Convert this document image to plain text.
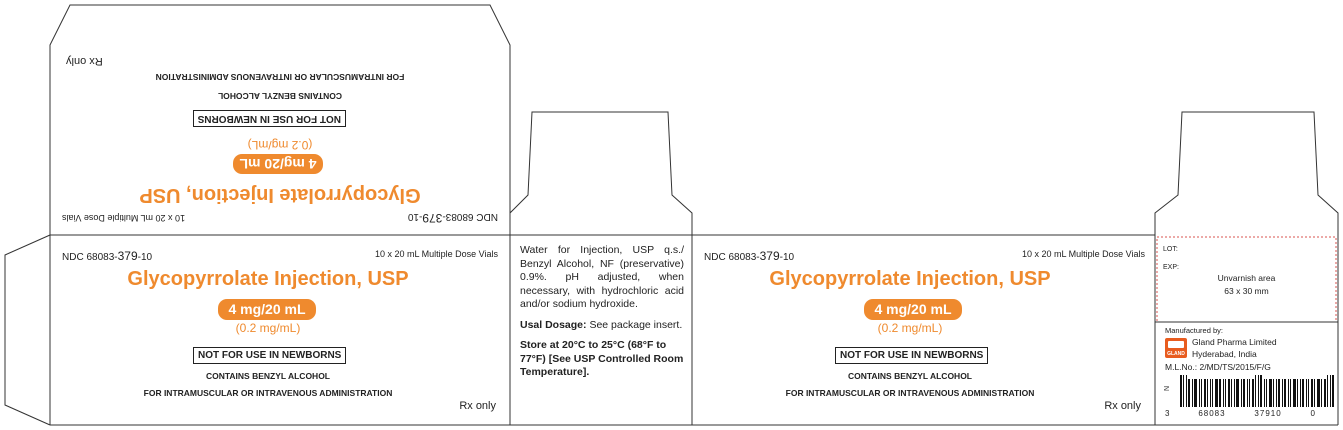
NDC 68083-379-10
10 x 20 mL Multiple Dose Vials
Glycopyrrolate Injection, USP
4 mg/20 mL
(0.2 mg/mL)
NOT FOR USE IN NEWBORNS
CONTAINS BENZYL ALCOHOL
FOR INTRAMUSCULAR OR INTRAVENOUS ADMINISTRATION
Rx only
NDC 68083-379-10	10 x 20 mL Multiple Dose Vials
Glycopyrrolate Injection, USP
4 mg/20 mL
(0.2 mg/mL)
NOT FOR USE IN NEWBORNS
CONTAINS BENZYL ALCOHOL
FOR INTRAMUSCULAR OR INTRAVENOUS ADMINISTRATION
Rx only

Water for Injection, USP q.s./ Benzyl Alcohol, NF (preservative) 0.9%. pH adjusted, when necessary, with hydrochloric acid and/or sodium hydroxide.

Usal Dosage: See package insert.

Store at 20°C to 25°C (68°F to 77°F) [See USP Controlled Room Temperature].

NDC 68083-379-10	10 x 20 mL Multiple Dose Vials
Glycopyrrolate Injection, USP
4 mg/20 mL
(0.2 mg/mL)
NOT FOR USE IN NEWBORNS
CONTAINS BENZYL ALCOHOL
FOR INTRAMUSCULAR OR INTRAVENOUS ADMINISTRATION
Rx only
LOT:
EXP:
Unvarnish area
63 x 30 mm
Manufactured by:
GLAND
Gland Pharma Limited
Hyderabad, India
M.L.No.: 2/MD/TS/2015/F/G
3	68083	37910	0
N
